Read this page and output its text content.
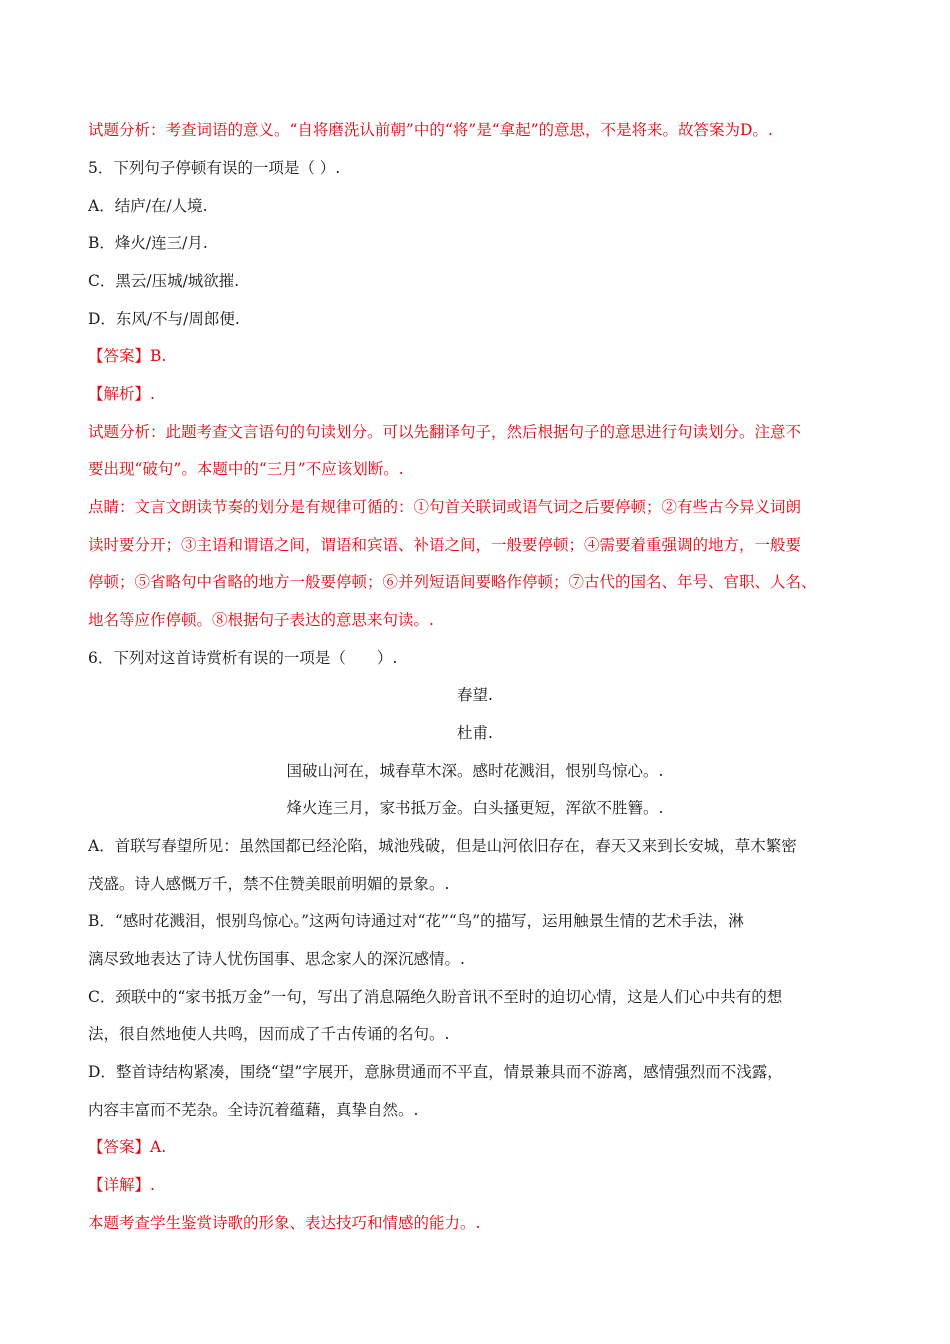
试题分析：考查词语的意义。“自将磨洗认前朝”中的“将”是“拿起”的意思，不是将来。故答案为D。.
5．下列句子停顿有误的一项是（ ）.
A．结庐/在/人境.
B．烽火/连三/月.
C．黑云/压城/城欲摧.
D．东风/不与/周郎便.
【答案】B.
【解析】.
试题分析：此题考查文言语句的句读划分。可以先翻译句子，然后根据句子的意思进行句读划分。注意不
要出现“破句”。本题中的“三月”不应该划断。.
点睛：文言文朗读节奏的划分是有规律可循的：①句首关联词或语气词之后要停顿；②有些古今异义词朗
读时要分开；③主语和谓语之间，谓语和宾语、补语之间，一般要停顿；④需要着重强调的地方，一般要
停顿；⑤省略句中省略的地方一般要停顿；⑥并列短语间要略作停顿；⑦古代的国名、年号、官职、人名、
地名等应作停顿。⑧根据句子表达的意思来句读。.
6．下列对这首诗赏析有误的一项是（　　）.
春望.
杜甫.
国破山河在，城春草木深。感时花溅泪，恨别鸟惊心。.
烽火连三月，家书抵万金。白头搔更短，浑欲不胜簪。.
A．首联写春望所见：虽然国都已经沦陷，城池残破，但是山河依旧存在，春天又来到长安城，草木繁密
茂盛。诗人感慨万千，禁不住赞美眼前明媚的景象。.
B．“感时花溅泪，恨别鸟惊心。”这两句诗通过对“花”“鸟”的描写，运用触景生情的艺术手法，淋
漓尽致地表达了诗人忧伤国事、思念家人的深沉感情。.
C．颈联中的“家书抵万金”一句，写出了消息隔绝久盼音讯不至时的迫切心情，这是人们心中共有的想
法，很自然地使人共鸣，因而成了千古传诵的名句。.
D．整首诗结构紧凑，围绕“望”字展开，意脉贯通而不平直，情景兼具而不游离，感情强烈而不浅露，
内容丰富而不芜杂。全诗沉着蕴藉，真挚自然。.
【答案】A.
【详解】.
本题考查学生鉴赏诗歌的形象、表达技巧和情感的能力。.
